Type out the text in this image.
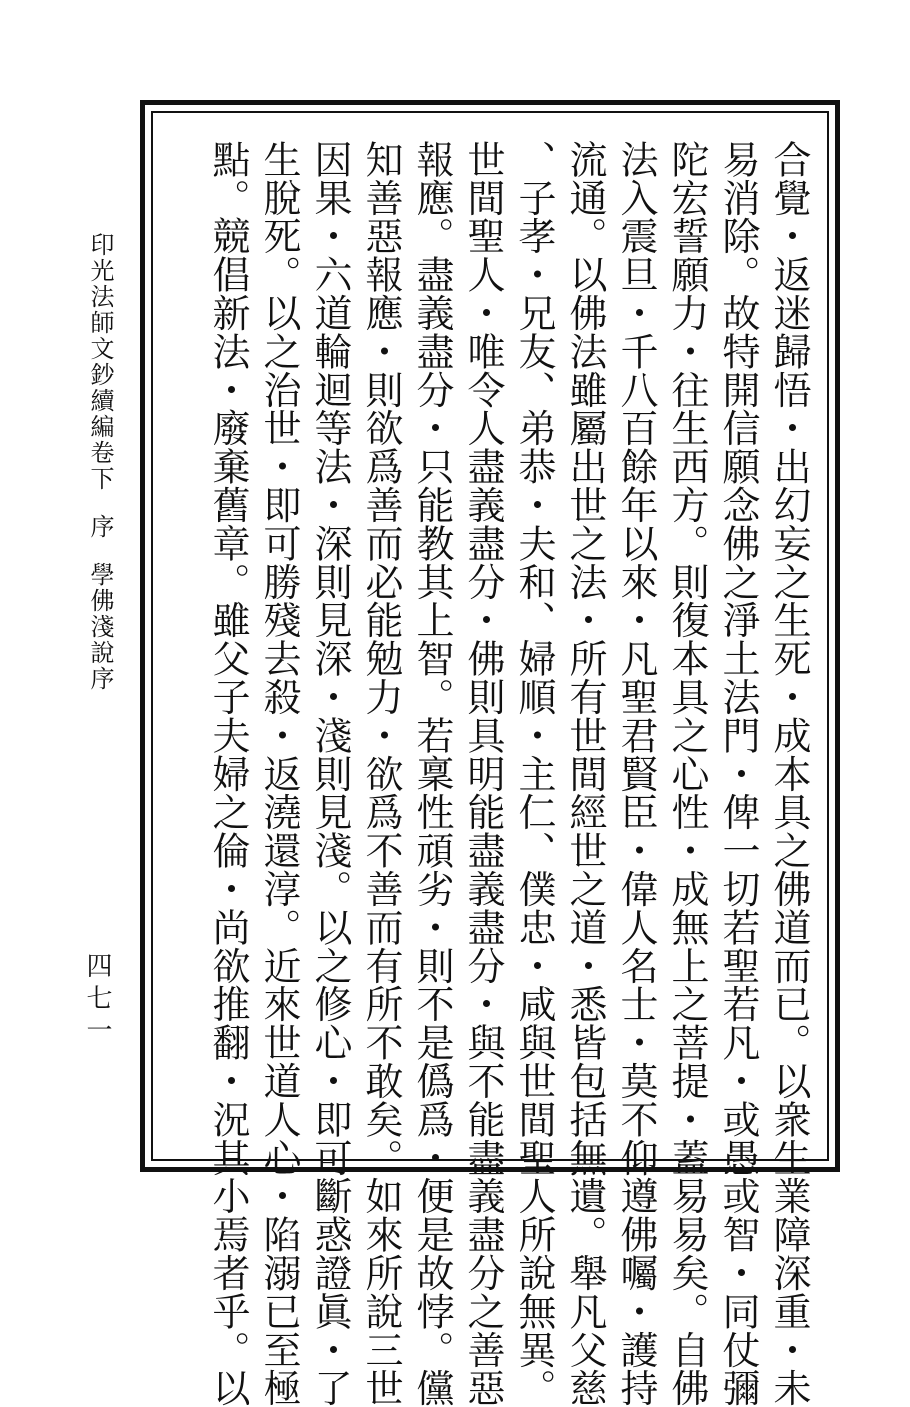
印光法師文鈔續編卷下序學佛淺說序
四七一	合覺・返迷歸悟・出幻妄之生死・成本具之佛道而已。以衆生業障深重・未
易消除。故特開信願念佛之淨土法門・俾一切若聖若凡・或愚或智・同仗彌
陀宏誓願力・往生西方。則復本具之心性・成無上之菩提・蓋易易矣。自佛
法入震旦・千八百餘年以來・凡聖君賢臣・偉人名士・莫不仰遵佛囑・護持
流通。以佛法雖屬出世之法・所有世間經世之道・悉皆包括無遺。舉凡父慈
、子孝・兄友、弟恭・夫和、婦順・主仁、僕忠・咸與世間聖人所說無異。
世間聖人・唯令人盡義盡分・佛則具明能盡義盡分・與不能盡義盡分之善惡
報應。盡義盡分・只能教其上智。若稟性頑劣・則不是僞爲・便是故悖。儻
知善惡報應・則欲爲善而必能勉力・欲爲不善而有所不敢矣。如來所說三世
因果・六道輪迴等法・深則見深・淺則見淺。以之修心・即可斷惑證眞・了
生脫死。以之治世・即可勝殘去殺・返澆還淳。近來世道人心・陷溺已至極
點。競倡新法・廢棄舊章。雖父子夫婦之倫・尚欲推翻・況其小焉者乎。以
